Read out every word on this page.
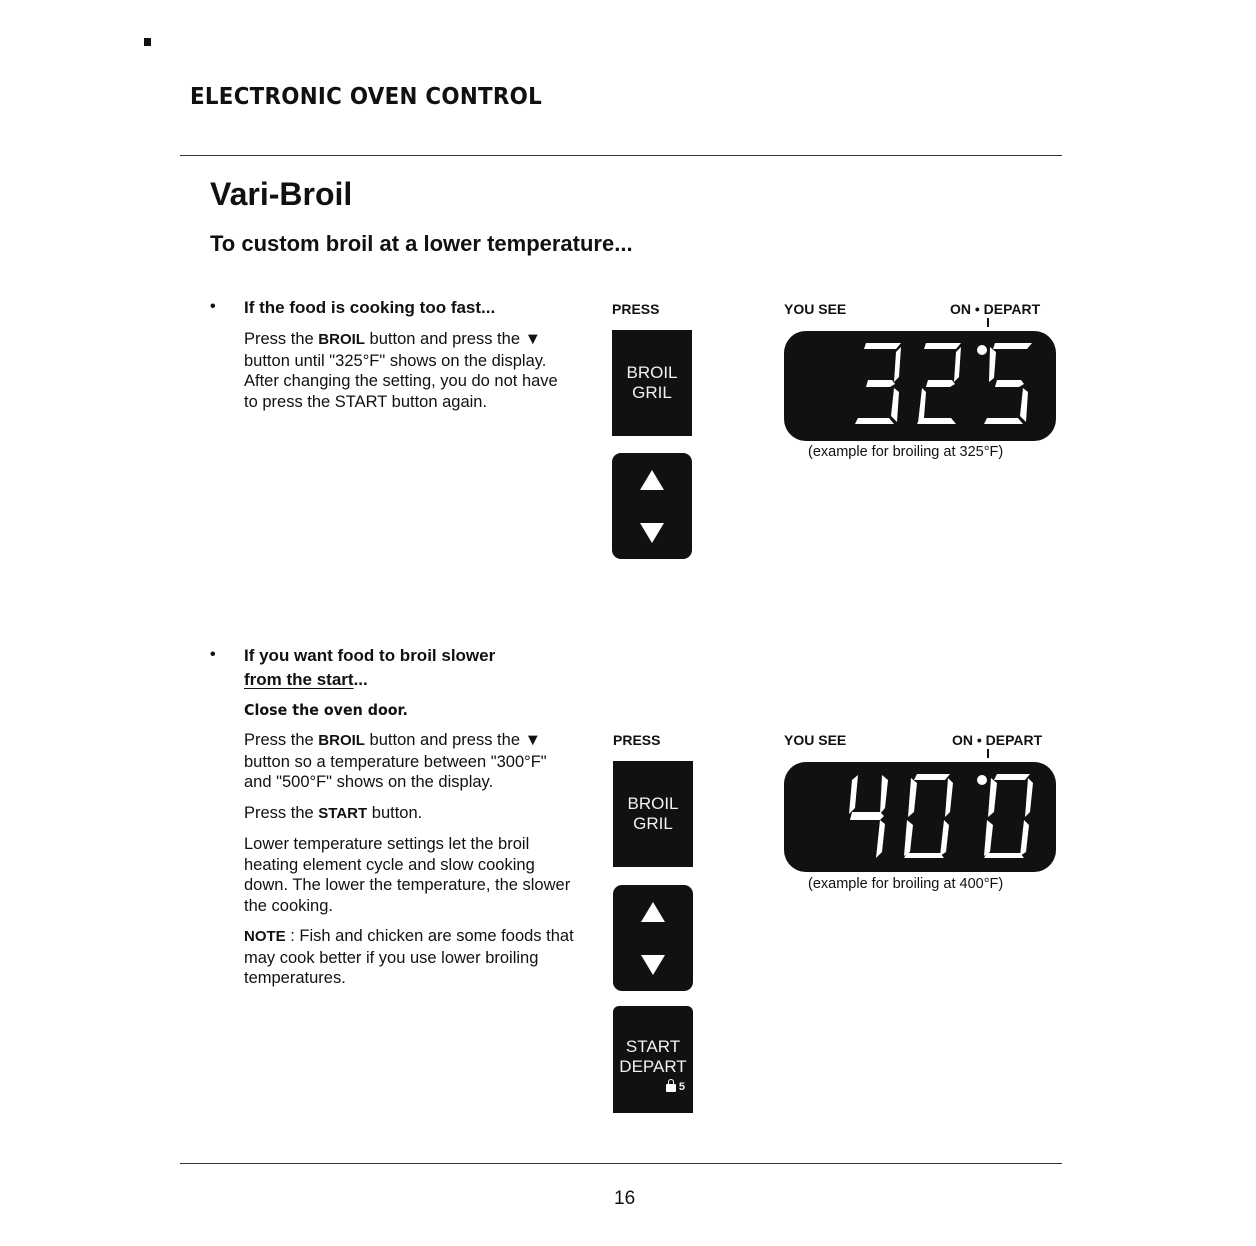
ELECTRONIC OVEN CONTROL
Vari-Broil
To custom broil at a lower temperature...
• If the food is cooking too fast...

Press the BROIL button and press the ▼ button until "325°F" shows on the display. After changing the setting, you do not have to press the START button again.

PRESS
BROIL
GRIL
YOU SEE	ON • DEPART
(example for broiling at 325°F)
• If you want food to broil slower
from the start...
Close the oven door.

Press the BROIL button and press the ▼ button so a temperature between "300°F" and "500°F" shows on the display.

Press the START button.

Lower temperature settings let the broil heating element cycle and slow cooking down. The lower the temperature, the slower the cooking.

NOTE : Fish and chicken are some foods that may cook better if you use lower broiling temperatures.

PRESS
BROIL
GRIL
START
DEPART
5
YOU SEE	ON • DEPART
(example for broiling at 400°F)
16
